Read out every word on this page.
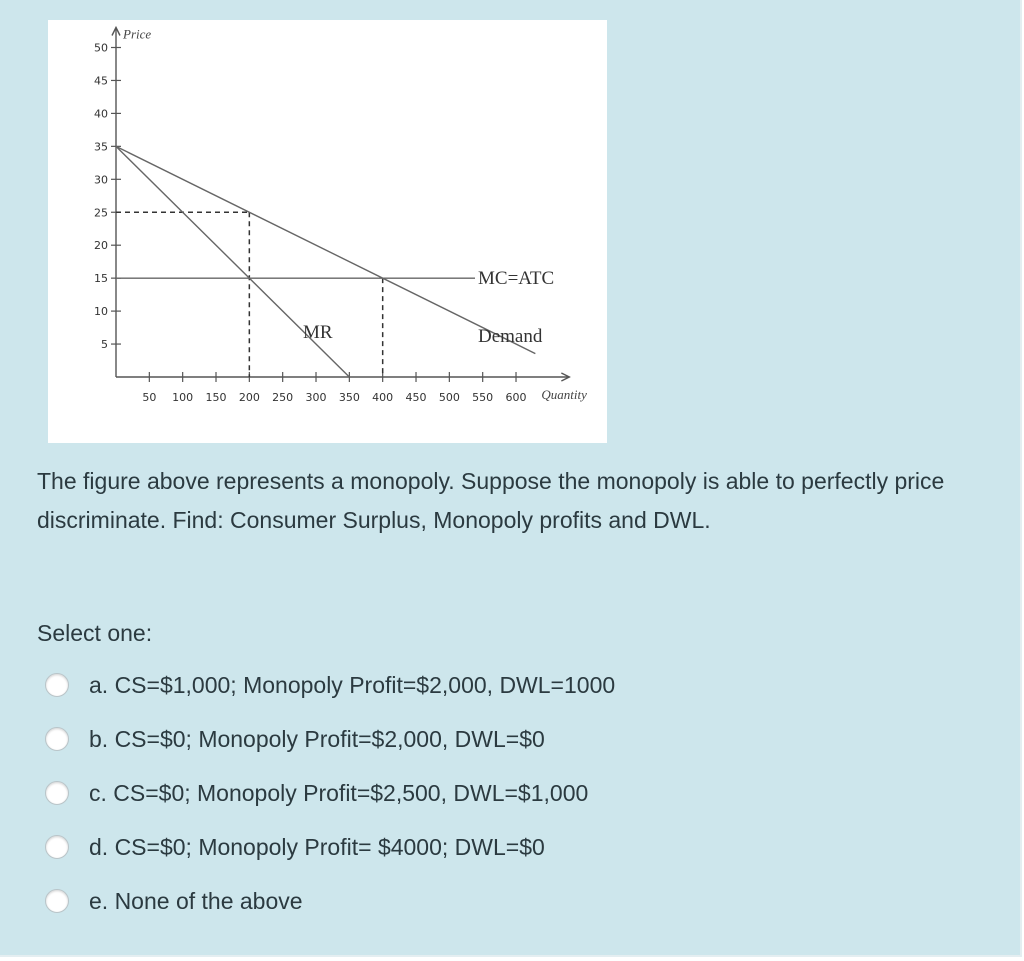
5
10
15
20
25
30
35
40
45
50
50 100 150 200 250 300 350 400 450 500 550 600
Price
Quantity
Demand
MR
MC=ATC

The figure above represents a monopoly. Suppose the monopoly is able to perfectly price discriminate. Find: Consumer Surplus, Monopoly profits and DWL.

Select one:

a. CS=$1,000; Monopoly Profit=$2,000, DWL=1000
b. CS=$0; Monopoly Profit=$2,000, DWL=$0
c. CS=$0; Monopoly Profit=$2,500, DWL=$1,000
d. CS=$0; Monopoly Profit= $4000; DWL=$0
e. None of the above
